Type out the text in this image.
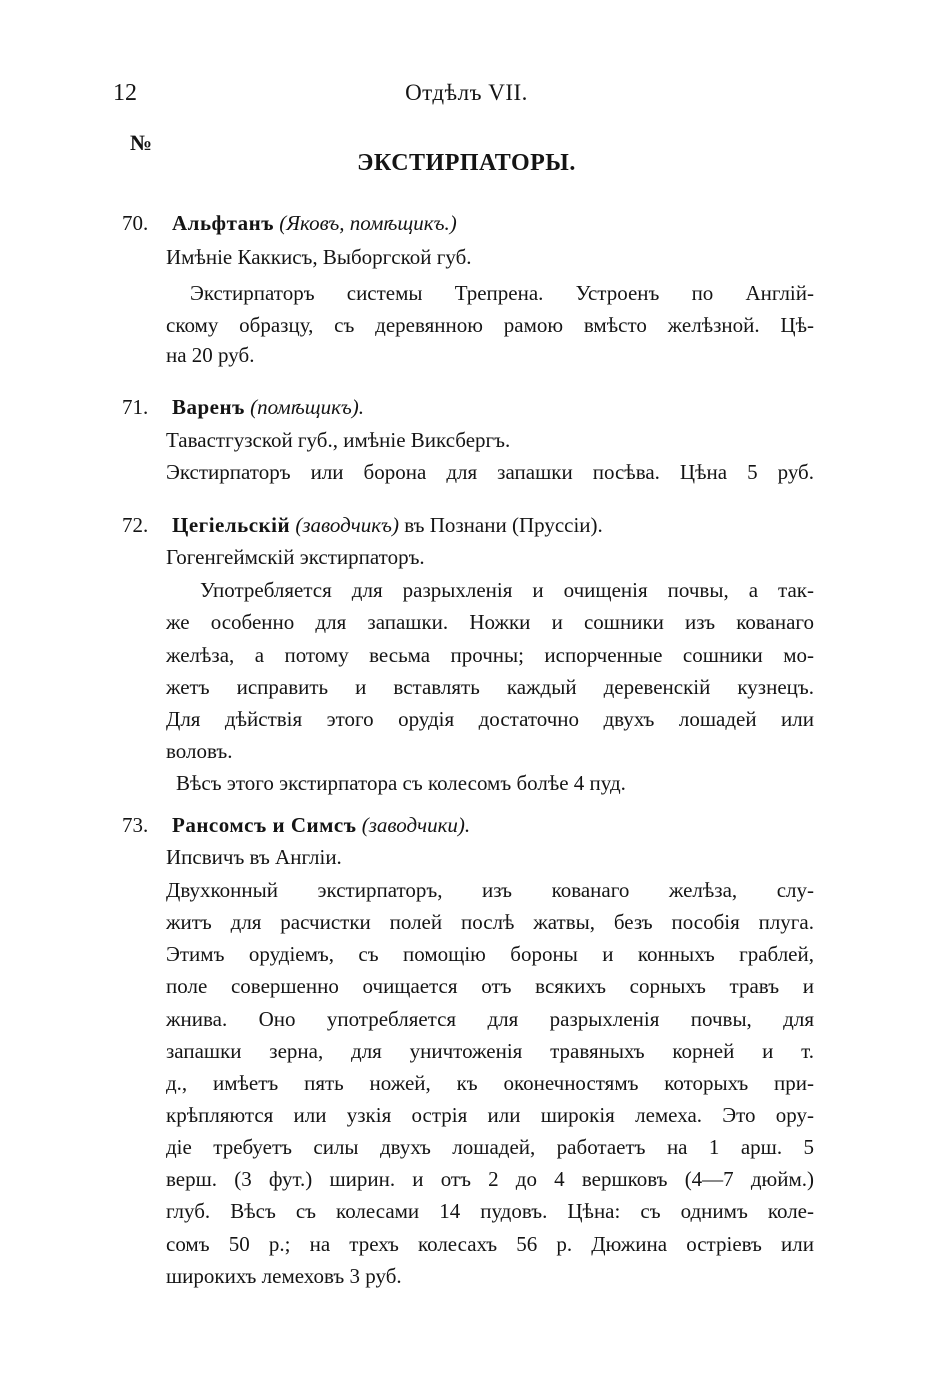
12	Отдѣлъ VII.
№
ЭКСТИРПАТОРЫ.
70. Альфтанъ (Яковъ, помѣщикъ.)
Имѣніе Каккисъ, Выборгской губ.
Экстирпаторъ системы Трепрена. Устроенъ по Англій-
скому образцу, съ деревянною рамою вмѣсто желѣзной. Цѣ-
на 20 руб.
71. Варенъ (помѣщикъ).
Тавастгузской губ., имѣніе Виксбергъ.
Экстирпаторъ или борона для запашки посѣва. Цѣна 5 руб.
72. Цегіельскій (заводчикъ) въ Познани (Пруссіи).
Гогенгеймскій экстирпаторъ.
Употребляется для разрыхленія и очищенія почвы, а так-
же особенно для запашки. Ножки и сошники изъ кованаго
желѣза, а потому весьма прочны; испорченные сошники мо-
жетъ исправить и вставлять каждый деревенскій кузнецъ.
Для дѣйствія этого орудія достаточно двухъ лошадей или
воловъ.
Вѣсъ этого экстирпатора съ колесомъ болѣе 4 пуд.
73. Рансомсъ и Симсъ (заводчики).
Ипсвичъ въ Англіи.
Двухконный экстирпаторъ, изъ кованаго желѣза, слу-
житъ для расчистки полей послѣ жатвы, безъ пособія плуга.
Этимъ орудіемъ, съ помощію бороны и конныхъ граблей,
поле совершенно очищается отъ всякихъ сорныхъ травъ и
жнива. Оно употребляется для разрыхленія почвы, для
запашки зерна, для уничтоженія травяныхъ корней и т.
д., имѣетъ пять ножей, къ оконечностямъ которыхъ при-
крѣпляются или узкія острія или широкія лемеха. Это ору-
діе требуетъ силы двухъ лошадей, работаетъ на 1 арш. 5
верш. (3 фут.) ширин. и отъ 2 до 4 вершковъ (4—7 дюйм.)
глуб. Вѣсъ съ колесами 14 пудовъ. Цѣна: съ однимъ коле-
сомъ 50 р.; на трехъ колесахъ 56 р. Дюжина остріевъ или
широкихъ лемеховъ 3 руб.
